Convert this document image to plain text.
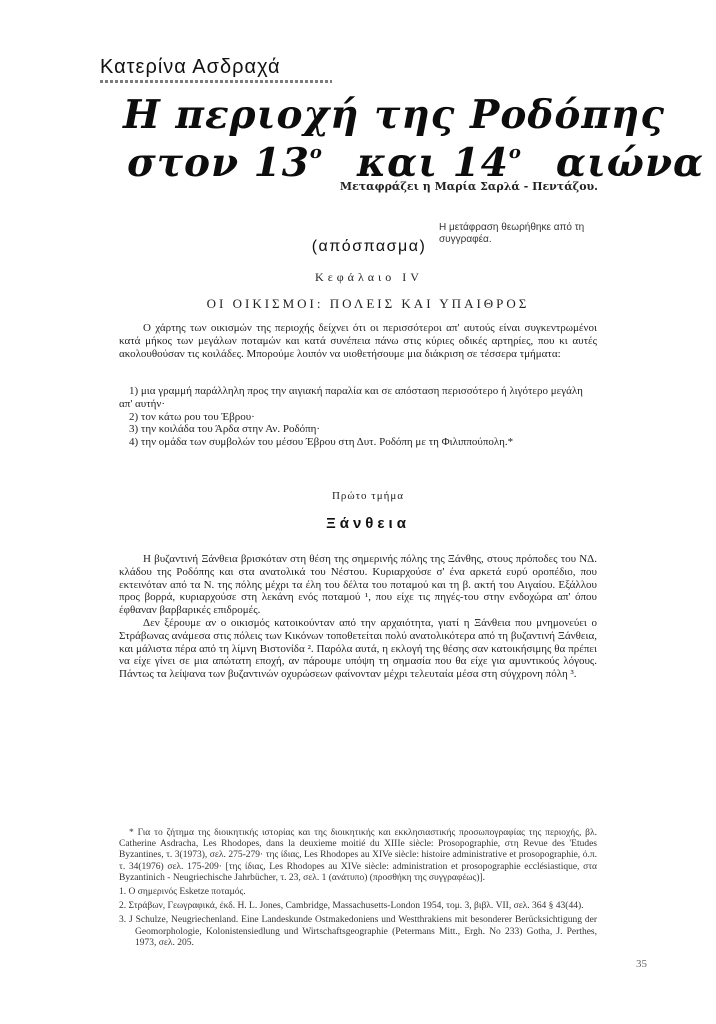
Κατερίνα Ασδραχά
Η περιοχή της Ροδόπης
στον $13^o$ και $14^o$ αιώνα
Μεταφράζει η Μαρία Σαρλά - Πεντάζου.
Η μετάφραση θεωρήθηκε από τη συγγραφέα.
(απόσπασμα)
Κεφάλαιο IV
ΟΙ ΟΙΚΙΣΜΟΙ: ΠΟΛΕΙΣ ΚΑΙ ΥΠΑΙΘΡΟΣ

Ο χάρτης των οικισμών της περιοχής δείχνει ότι οι περισσότεροι απ' αυτούς είναι συγκεντρωμένοι κατά μήκος των μεγάλων ποταμών και κατά συνέπεια πάνω στις κύριες οδικές αρτηρίες, που κι αυτές ακολουθούσαν τις κοιλάδες. Μπορούμε λοιπόν να υιοθετήσουμε μια διάκριση σε τέσσερα τμήματα:

1) μια γραμμή παράλληλη προς την αιγιακή παραλία και σε απόσταση περισσότερο ή λιγότερο μεγάλη απ' αυτήν·
2) τον κάτω ρου του Έβρου·
3) την κοιλάδα του Άρδα στην Αν. Ροδόπη·
4) την ομάδα των συμβολών του μέσου Έβρου στη Δυτ. Ροδόπη με τη Φιλιππούπολη.*
Πρώτο τμήμα
Ξάνθεια

Η βυζαντινή Ξάνθεια βρισκόταν στη θέση της σημερινής πόλης της Ξάνθης, στους πρόποδες του ΝΔ. κλάδου της Ροδόπης και στα ανατολικά του Νέστου. Κυριαρχούσε σ' ένα αρκετά ευρύ οροπέδιο, που εκτεινόταν από τα Ν. της πόλης μέχρι τα έλη του δέλτα του ποταμού και τη β. ακτή του Αιγαίου. Εξάλλου προς βορρά, κυριαρχούσε στη λεκάνη ενός ποταμού ¹, που είχε τις πηγές-του στην ενδοχώρα απ' όπου έφθαναν βαρβαρικές επιδρομές.

Δεν ξέρουμε αν ο οικισμός κατοικούνταν από την αρχαιότητα, γιατί η Ξάνθεια που μνημονεύει ο Στράβωνας ανάμεσα στις πόλεις των Κικόνων τοποθετείται πολύ ανατολικότερα από τη βυζαντινή Ξάνθεια, και μάλιστα πέρα από τη λίμνη Βιστονίδα ². Παρόλα αυτά, η εκλογή της θέσης σαν κατοικήσιμης θα πρέπει να είχε γίνει σε μια απώτατη εποχή, αν πάρουμε υπόψη τη σημασία που θα είχε για αμυντικούς λόγους. Πάντως τα λείψανα των βυζαντινών οχυρώσεων φαίνονταν μέχρι τελευταία μέσα στη σύγχρονη πόλη ³.

* Για το ζήτημα της διοικητικής ιστορίας και της διοικητικής και εκκλησιαστικής προσωπογραφίας της περιοχής, βλ. Catherine Asdracha, Les Rhodopes, dans la deuxieme moitié du XIIIe siècle: Prosopographie, στη Revue des 'Etudes Byzantines, τ. 3(1973), σελ. 275-279· της ίδιας, Les Rhodopes au XIVe siècle: histoire administrative et prosopographie, ό.π. τ. 34(1976) σελ. 175-209· [της ίδιας, Les Rhodopes au XIVe siècle: administration et prosopographie ecclésiastique, στα Byzantinich - Neugriechische Jahrbücher, τ. 23, σελ. 1 (ανάτυπο) (προσθήκη της συγγραφέως)].

1. Ο σημερινός Esketze ποταμός.

2. Στράβων, Γεωγραφικά, έκδ. H. L. Jones, Cambridge, Massachusetts-London 1954, τομ. 3, βιβλ. VII, σελ. 364 § 43(44).

3. J Schulze, Neugriechenland. Eine Landeskunde Ostmakedoniens und Westthrakiens mit besonderer Berücksichtigung der Geomorphologie, Kolonistensiedlung und Wirtschaftsgeographie (Petermans Mitt., Ergh. No 233) Gotha, J. Perthes, 1973, σελ. 205.

35
